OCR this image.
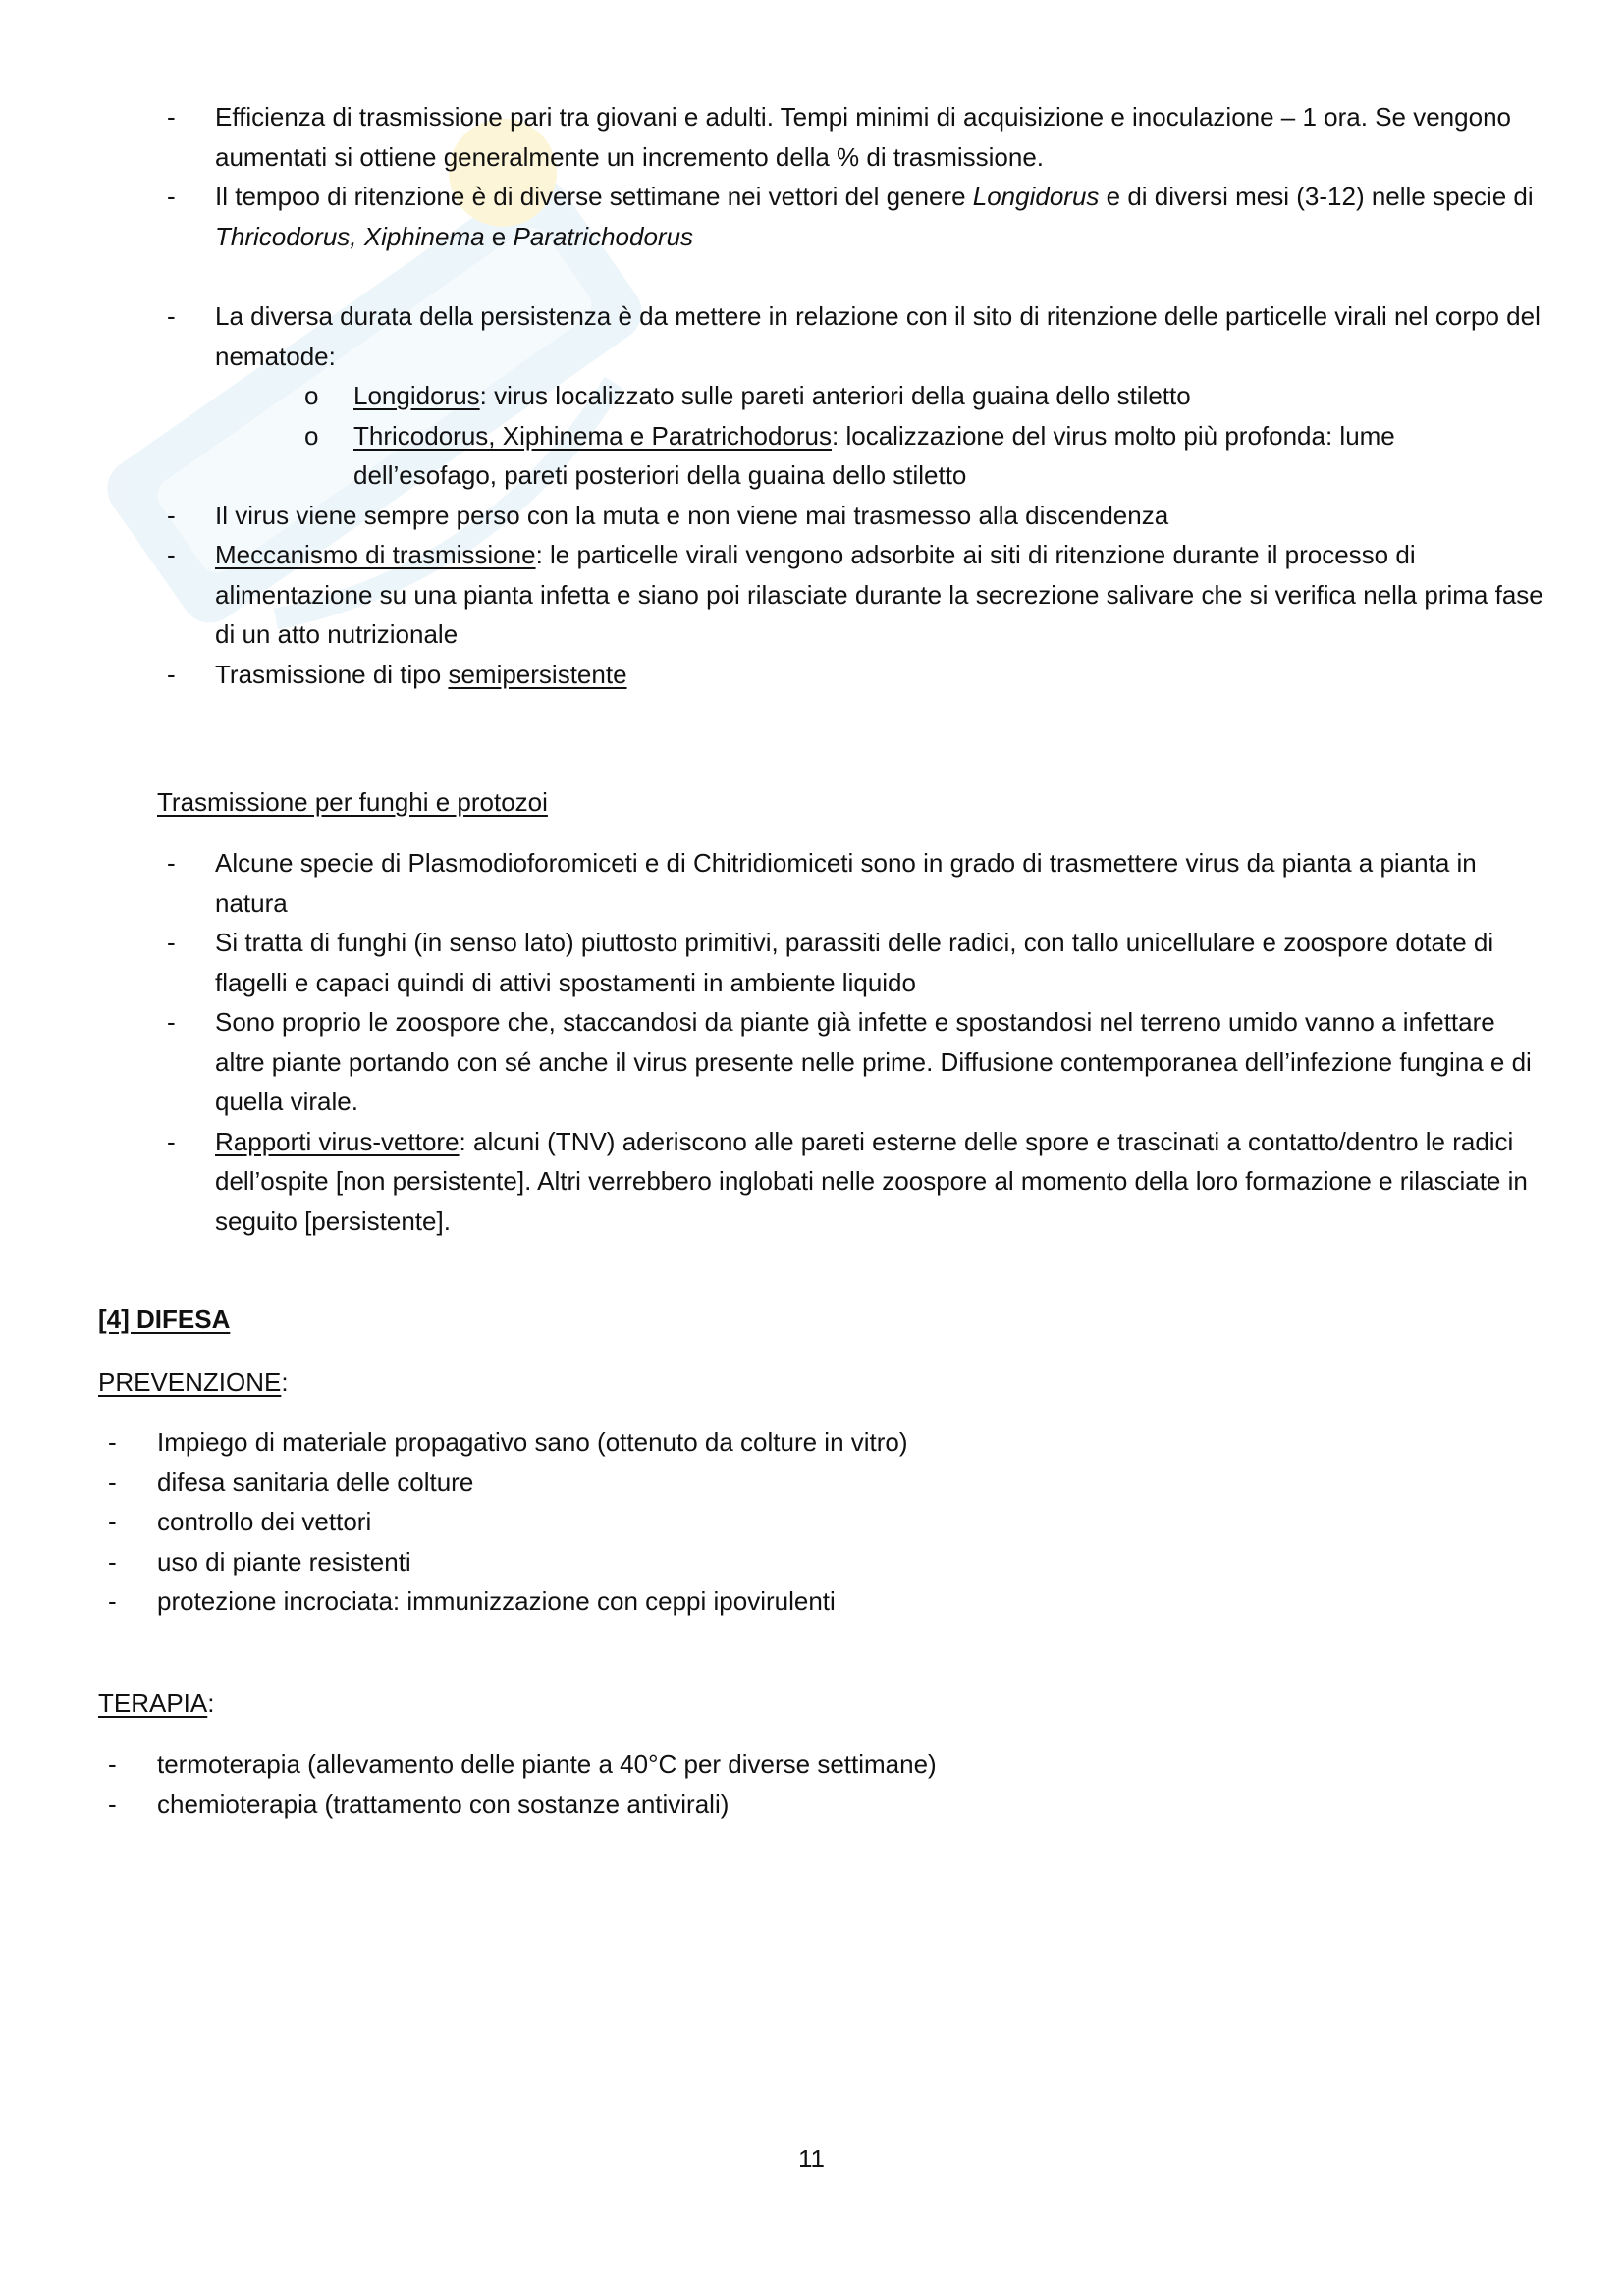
- Efficienza di trasmissione pari tra giovani e adulti. Tempi minimi di acquisizione e inoculazione – 1 ora. Se vengono aumentati si ottiene generalmente un incremento della % di trasmissione.
- Il tempoo di ritenzione è di diverse settimane nei vettori del genere Longidorus e di diversi mesi (3-12) nelle specie di Thricodorus, Xiphinema e Paratrichodorus
- La diversa durata della persistenza è da mettere in relazione con il sito di ritenzione delle particelle virali nel corpo del nematode:
o Longidorus: virus localizzato sulle pareti anteriori della guaina dello stiletto
o Thricodorus, Xiphinema e Paratrichodorus: localizzazione del virus molto più profonda: lume dell’esofago, pareti posteriori della guaina dello stiletto
- Il virus viene sempre perso con la muta e non viene mai trasmesso alla discendenza
- Meccanismo di trasmissione: le particelle virali vengono adsorbite ai siti di ritenzione durante il processo di alimentazione su una pianta infetta e siano poi rilasciate durante la secrezione salivare che si verifica nella prima fase di un atto nutrizionale
- Trasmissione di tipo semipersistente
Trasmissione per funghi e protozoi
- Alcune specie di Plasmodioforomiceti e di Chitridiomiceti sono in grado di trasmettere virus da pianta a pianta in natura
- Si tratta di funghi (in senso lato) piuttosto primitivi, parassiti delle radici, con tallo unicellulare e zoospore dotate di flagelli e capaci quindi di attivi spostamenti in ambiente liquido
- Sono proprio le zoospore che, staccandosi da piante già infette e spostandosi nel terreno umido vanno a infettare altre piante portando con sé anche il virus presente nelle prime. Diffusione contemporanea dell’infezione fungina e di quella virale.
- Rapporti virus-vettore: alcuni (TNV) aderiscono alle pareti esterne delle spore e trascinati a contatto/dentro le radici dell’ospite [non persistente]. Altri verrebbero inglobati nelle zoospore al momento della loro formazione e rilasciate in seguito [persistente].
[4] DIFESA
PREVENZIONE:
- Impiego di materiale propagativo sano (ottenuto da colture in vitro)
- difesa sanitaria delle colture
- controllo dei vettori
- uso di piante resistenti
- protezione incrociata: immunizzazione con ceppi ipovirulenti
TERAPIA:
- termoterapia (allevamento delle piante a 40°C per diverse settimane)
- chemioterapia (trattamento con sostanze antivirali)
11
